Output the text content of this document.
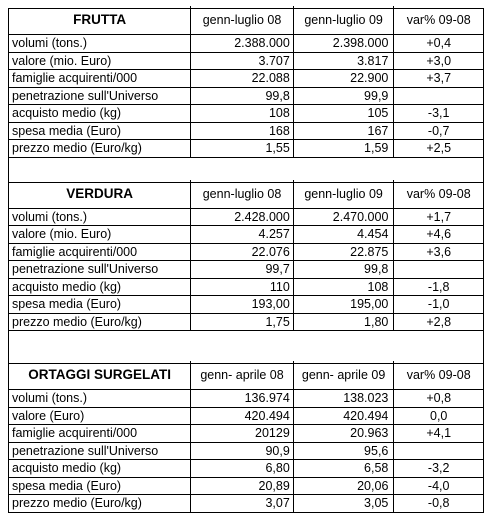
FRUTTA	genn-luglio 08	genn-luglio 09	var% 09-08
volumi (tons.)	2.388.000	2.398.000	+0,4
valore (mio. Euro)	3.707	3.817	+3,0
famiglie acquirenti/000	22.088	22.900	+3,7
penetrazione sull'Universo	99,8	99,9
acquisto medio (kg)	108	105	-3,1
spesa media (Euro)	168	167	-0,7
prezzo medio (Euro/kg)	1,55	1,59	+2,5
VERDURA	genn-luglio 08	genn-luglio 09	var% 09-08
volumi (tons.)	2.428.000	2.470.000	+1,7
valore (mio. Euro)	4.257	4.454	+4,6
famiglie acquirenti/000	22.076	22.875	+3,6
penetrazione sull'Universo	99,7	99,8
acquisto medio (kg)	110	108	-1,8
spesa media (Euro)	193,00	195,00	-1,0
prezzo medio (Euro/kg)	1,75	1,80	+2,8
ORTAGGI SURGELATI	genn- aprile 08	genn- aprile 09	var% 09-08
volumi (tons.)	136.974	138.023	+0,8
valore (Euro)	420.494	420.494	0,0
famiglie acquirenti/000	20129	20.963	+4,1
penetrazione sull'Universo	90,9	95,6
acquisto medio (kg)	6,80	6,58	-3,2
spesa media (Euro)	20,89	20,06	-4,0
prezzo medio (Euro/kg)	3,07	3,05	-0,8
